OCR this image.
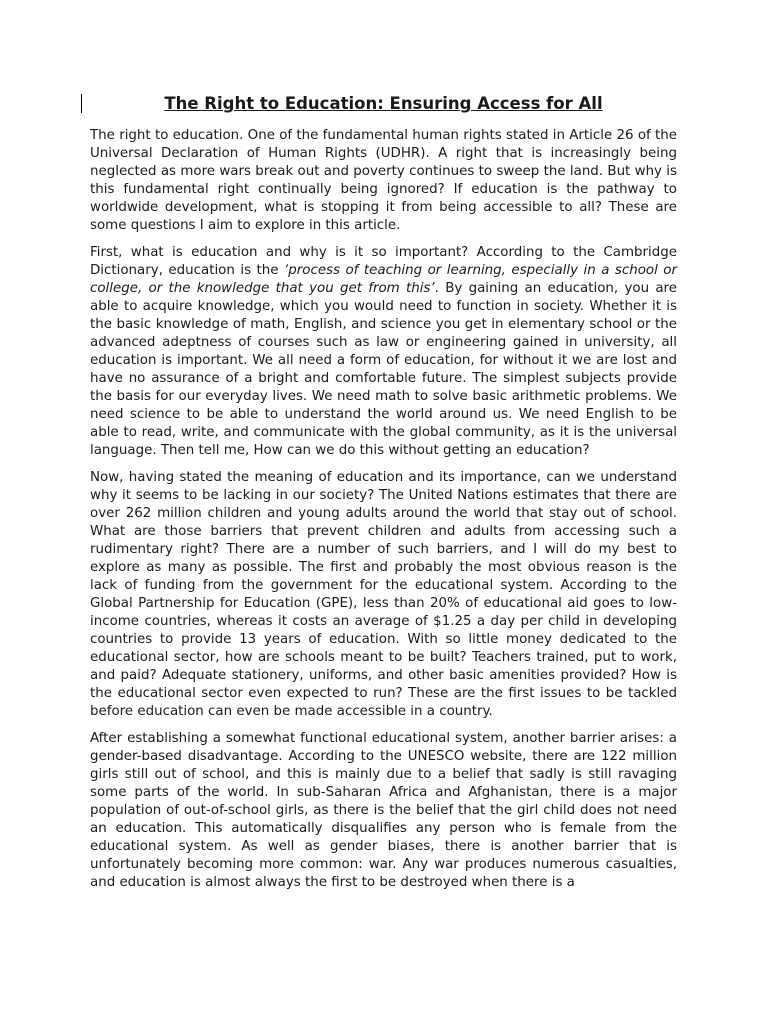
The Right to Education: Ensuring Access for All

The right to education. One of the fundamental human rights stated in Article 26 of the Universal Declaration of Human Rights (UDHR). A right that is increasingly being neglected as more wars break out and poverty continues to sweep the land. But why is this fundamental right continually being ignored? If education is the pathway to worldwide development, what is stopping it from being accessible to all? These are some questions I aim to explore in this article.

First, what is education and why is it so important? According to the Cambridge Dictionary, education is the ‘process of teaching or learning, especially in a school or college, or the knowledge that you get from this’. By gaining an education, you are able to acquire knowledge, which you would need to function in society. Whether it is the basic knowledge of math, English, and science you get in elementary school or the advanced adeptness of courses such as law or engineering gained in university, all education is important. We all need a form of education, for without it we are lost and have no assurance of a bright and comfortable future. The simplest subjects provide the basis for our everyday lives. We need math to solve basic arithmetic problems. We need science to be able to understand the world around us. We need English to be able to read, write, and communicate with the global community, as it is the universal language. Then tell me, How can we do this without getting an education?

Now, having stated the meaning of education and its importance, can we understand why it seems to be lacking in our society? The United Nations estimates that there are over 262 million children and young adults around the world that stay out of school. What are those barriers that prevent children and adults from accessing such a rudimentary right? There are a number of such barriers, and I will do my best to explore as many as possible. The first and probably the most obvious reason is the lack of funding from the government for the educational system. According to the Global Partnership for Education (GPE), less than 20% of educational aid goes to low-income countries, whereas it costs an average of $1.25 a day per child in developing countries to provide 13 years of education. With so little money dedicated to the educational sector, how are schools meant to be built? Teachers trained, put to work, and paid? Adequate stationery, uniforms, and other basic amenities provided? How is the educational sector even expected to run? These are the first issues to be tackled before education can even be made accessible in a country.

After establishing a somewhat functional educational system, another barrier arises: a gender-based disadvantage. According to the UNESCO website, there are 122 million girls still out of school, and this is mainly due to a belief that sadly is still ravaging some parts of the world. In sub-Saharan Africa and Afghanistan, there is a major population of out-of-school girls, as there is the belief that the girl child does not need an education. This automatically disqualifies any person who is female from the educational system. As well as gender biases, there is another barrier that is unfortunately becoming more common: war. Any war produces numerous casualties, and education is almost always the first to be destroyed when there is a
